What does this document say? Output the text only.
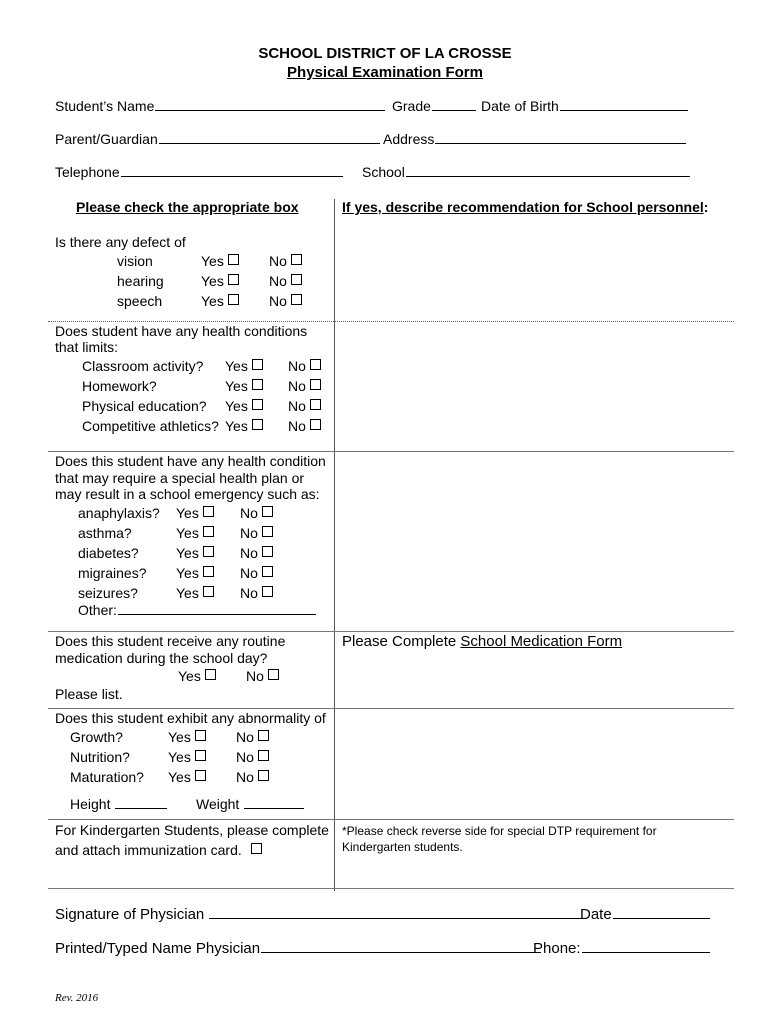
SCHOOL DISTRICT OF LA CROSSE
Physical Examination Form
Student’s Name	Grade	Date of Birth
Parent/Guardian	Address
Telephone	School
Please check the appropriate box	If yes, describe recommendation for School personnel:
Is there any defect of
vision	Yes	No
hearing	Yes	No
speech	Yes	No
Does student have any health conditions
that limits:
Classroom activity?	Yes	No
Homework?	Yes	No
Physical education?	Yes	No
Competitive athletics? Yes	No
Does this student have any health condition
that may require a special health plan or
may result in a school emergency such as:
anaphylaxis?	Yes	No
asthma?	Yes	No
diabetes?	Yes	No
migraines?	Yes	No
seizures?	Yes	No
Other:
Does this student receive any routine
medication during the school day?
Yes	No
Please list.
Please Complete School Medication Form
Does this student exhibit any abnormality of
Growth?	Yes	No
Nutrition?	Yes	No
Maturation?	Yes	No
Height	Weight
For Kindergarten Students, please complete
and attach immunization card.
*Please check reverse side for special DTP requirement for Kindergarten students.
Signature of Physician	Date
Printed/Typed Name Physician	Phone:
Rev. 2016
